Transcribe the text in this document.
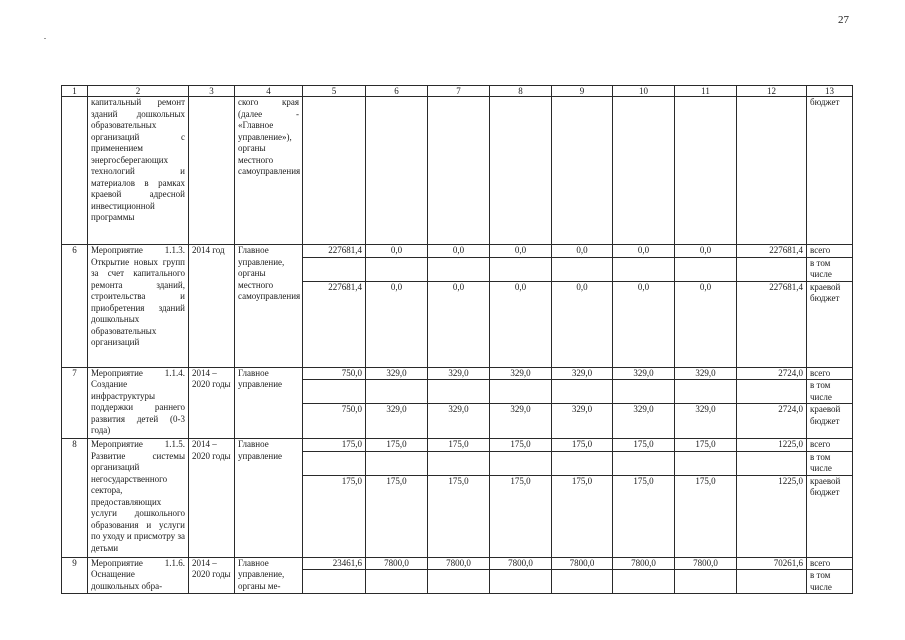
27
1	2	3	4	5	6	7	8	9	10	11	12	13
	капитальный ремонт зданий дошкольных образовательных организаций с применением энергосберегающих технологий и материалов в рамках краевой адресной инвестиционной программы		ского края (далее - «Главное управление»), органы местного самоуправления									бюджет
6	Мероприятие 1.1.3. Открытие новых групп за счет капитального ремонта зданий, строительства и приобретения зданий дошкольных образовательных организаций	2014 год	Главное управление, органы местного самоуправления	227681,4	0,0	0,0	0,0	0,0	0,0	0,0	227681,4	всего
												в том числе
				227681,4	0,0	0,0	0,0	0,0	0,0	0,0	227681,4	краевой бюджет
7	Мероприятие 1.1.4. Создание инфраструктуры поддержки раннего развития детей (0-3 года)	2014 – 2020 годы	Главное управление	750,0	329,0	329,0	329,0	329,0	329,0	329,0	2724,0	всего
												в том числе
				750,0	329,0	329,0	329,0	329,0	329,0	329,0	2724,0	краевой бюджет
8	Мероприятие 1.1.5. Развитие системы организаций негосударственного сектора, предоставляющих услуги дошкольного образования и услуги по уходу и присмотру за детьми	2014 – 2020 годы	Главное управление	175,0	175,0	175,0	175,0	175,0	175,0	175,0	1225,0	всего
												в том числе
				175,0	175,0	175,0	175,0	175,0	175,0	175,0	1225,0	краевой бюджет
9	Мероприятие 1.1.6. Оснащение дошкольных обра-	2014 – 2020 годы	Главное управление, органы ме-	23461,6	7800,0	7800,0	7800,0	7800,0	7800,0	7800,0	70261,6	всего
												в том числе
